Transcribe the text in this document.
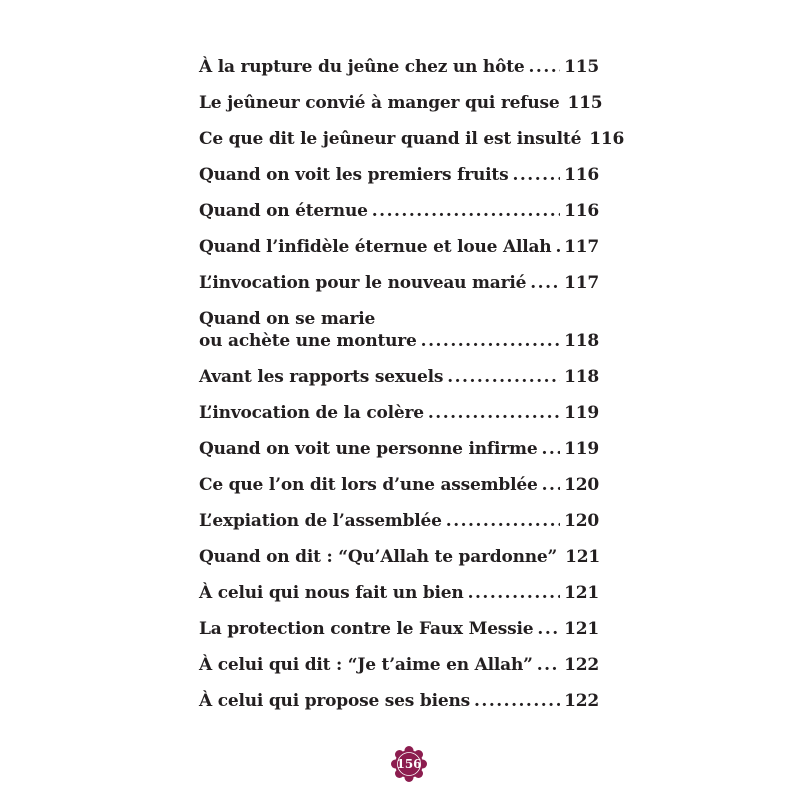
À la rupture du jeûne chez un hôte ..... 115
Le jeûneur convié à manger qui refuse 115
Ce que dit le jeûneur quand il est insulté 116
Quand on voit les premiers fruits .....	116
Quand on éternue .....	116
Quand l’infidèle éternue et loue Allah ..... 117
L’invocation pour le nouveau marié ..... 117
Quand on se marie
ou achète une monture .....	118
Avant les rapports sexuels .....	118
L’invocation de la colère .....	119
Quand on voit une personne infirme ..... 119
Ce que l’on dit lors d’une assemblée ..... 120
L’expiation de l’assemblée .....	120
Quand on dit : “Qu’Allah te pardonne” 121
À celui qui nous fait un bien .....	121
La protection contre le Faux Messie ..... 121
À celui qui dit : “Je t’aime en Allah” ..... 122
À celui qui propose ses biens .....	122
156
